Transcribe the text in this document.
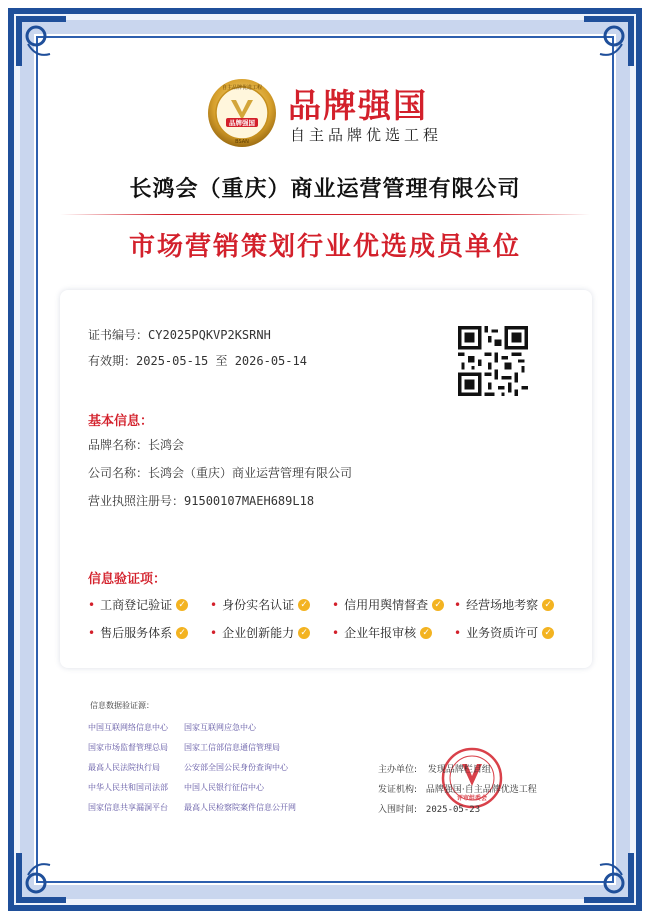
品牌强国
自主品牌优选工程
BSAN
品牌强国
自主品牌优选工程
长鸿会（重庆）商业运营管理有限公司
市场营销策划行业优选成员单位
证书编号：CY2025PQKVP2KSRNH
有效期：2025-05-15 至 2026-05-14
基本信息：
品牌名称：长鸿会
公司名称：长鸿会（重庆）商业运营管理有限公司
营业执照注册号：91500107MAEH689L18
信息验证项：
• 工商登记验证 ✓ • 身份实名认证 ✓ • 信用用舆情督查 ✓ • 经营场地考察 ✓
• 售后服务体系 ✓ • 企业创新能力 ✓ • 企业年报审核 ✓ • 业务资质许可 ✓
信息数据验证源：
中国互联网络信息中心 国家互联网应急中心
国家市场监督管理总局 国家工信部信息通信管理局
最高人民法院执行局	公安部全国公民身份查询中心
中华人民共和国司法部 中国人民银行征信中心
国家信息共享漏洞平台 最高人民检察院案件信息公开网
评审组委会
主办单位: 发现品牌栏目组
发证机构: 品牌强国·自主品牌优选工程
入围时间: 2025-05-23
